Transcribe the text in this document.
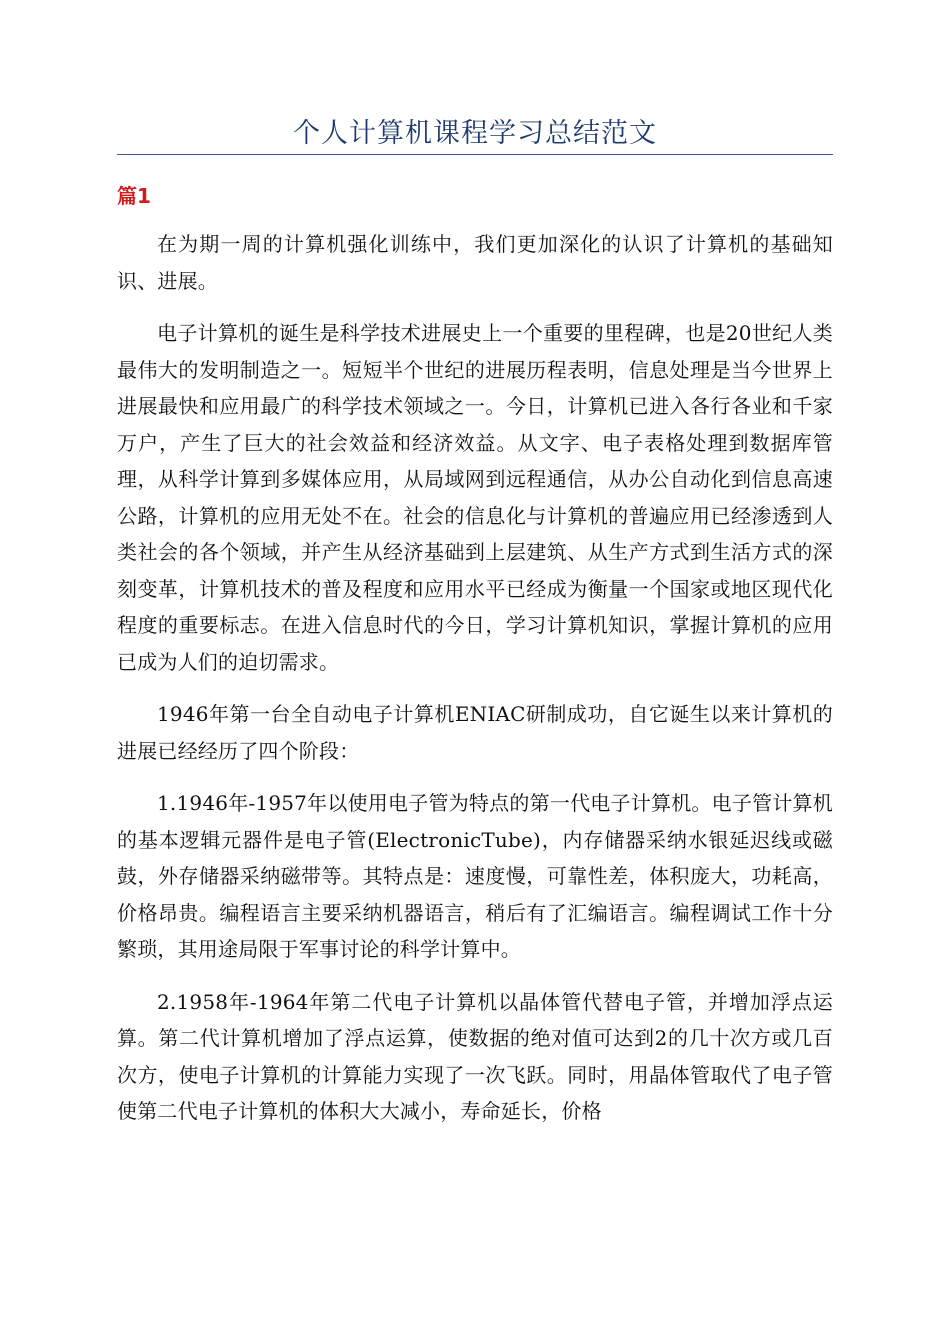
个人计算机课程学习总结范文
篇1

在为期一周的计算机强化训练中，我们更加深化的认识了计算机的基础知识、进展。

电子计算机的诞生是科学技术进展史上一个重要的里程碑，也是20世纪人类最伟大的发明制造之一。短短半个世纪的进展历程表明，信息处理是当今世界上进展最快和应用最广的科学技术领域之一。今日，计算机已进入各行各业和千家万户，产生了巨大的社会效益和经济效益。从文字、电子表格处理到数据库管理，从科学计算到多媒体应用，从局域网到远程通信，从办公自动化到信息高速公路，计算机的应用无处不在。社会的信息化与计算机的普遍应用已经渗透到人类社会的各个领域，并产生从经济基础到上层建筑、从生产方式到生活方式的深刻变革，计算机技术的普及程度和应用水平已经成为衡量一个国家或地区现代化程度的重要标志。在进入信息时代的今日，学习计算机知识，掌握计算机的应用已成为人们的迫切需求。

1946年第一台全自动电子计算机ENIAC研制成功，自它诞生以来计算机的进展已经经历了四个阶段：

1.1946年-1957年以使用电子管为特点的第一代电子计算机。电子管计算机的基本逻辑元器件是电子管(ElectronicTube)，内存储器采纳水银延迟线或磁鼓，外存储器采纳磁带等。其特点是：速度慢，可靠性差，体积庞大，功耗高，价格昂贵。编程语言主要采纳机器语言，稍后有了汇编语言。编程调试工作十分繁琐，其用途局限于军事讨论的科学计算中。

2.1958年-1964年第二代电子计算机以晶体管代替电子管，并增加浮点运算。第二代计算机增加了浮点运算，使数据的绝对值可达到2的几十次方或几百次方，使电子计算机的计算能力实现了一次飞跃。同时，用晶体管取代了电子管使第二代电子计算机的体积大大减小，寿命延长，价格
